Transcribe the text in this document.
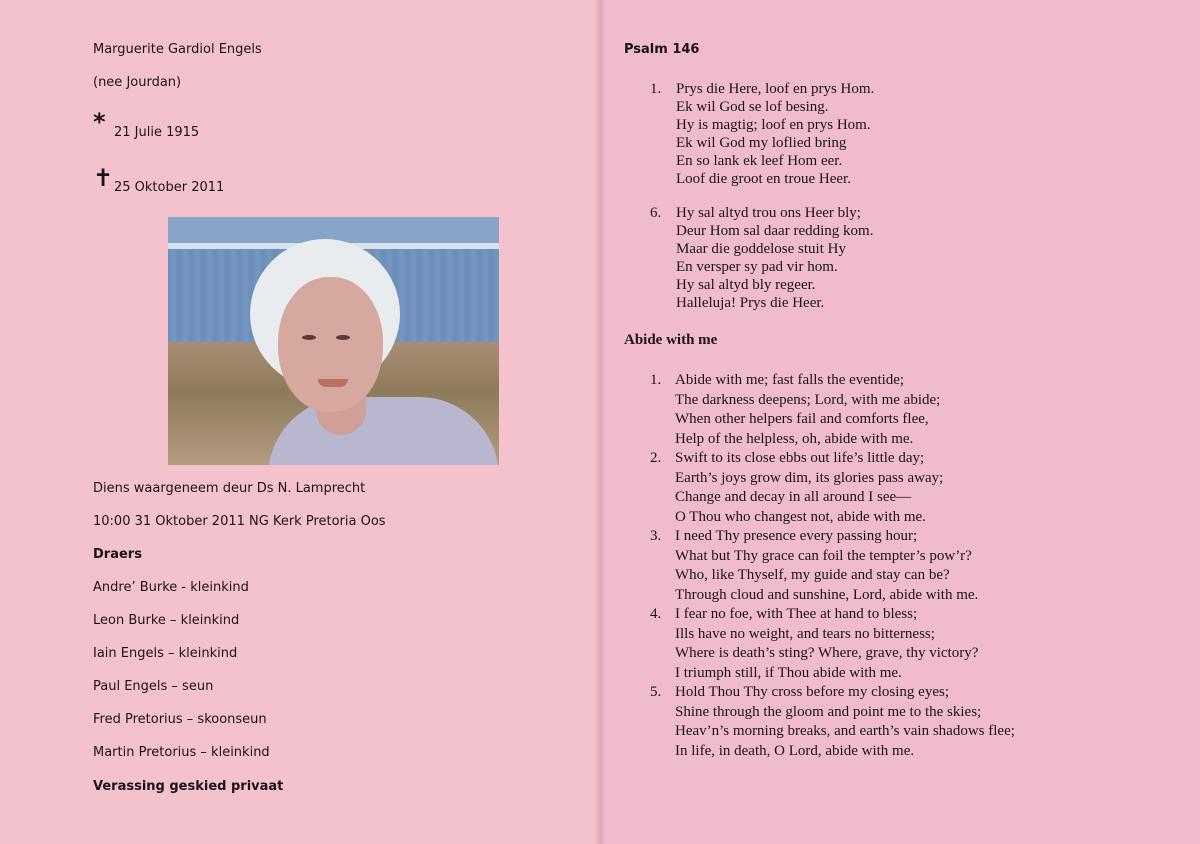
Marguerite Gardiol Engels
(nee Jourdan)
* 21 Julie 1915
✝ 25 Oktober 2011
Diens waargeneem deur Ds N. Lamprecht
10:00 31 Oktober 2011 NG Kerk Pretoria Oos
Draers
Andre’ Burke - kleinkind
Leon Burke – kleinkind
Iain Engels – kleinkind
Paul Engels – seun
Fred Pretorius – skoonseun
Martin Pretorius – kleinkind
Verassing geskied privaat
Psalm 146
1. Prys die Here, loof en prys Hom.
Ek wil God se lof besing.
Hy is magtig; loof en prys Hom.
Ek wil God my loflied bring
En so lank ek leef Hom eer.
Loof die groot en troue Heer.
6. Hy sal altyd trou ons Heer bly;
Deur Hom sal daar redding kom.
Maar die goddelose stuit Hy
En versper sy pad vir hom.
Hy sal altyd bly regeer.
Halleluja! Prys die Heer.
Abide with me
1. Abide with me; fast falls the eventide;
The darkness deepens; Lord, with me abide;
When other helpers fail and comforts flee,
Help of the helpless, oh, abide with me.
2. Swift to its close ebbs out life’s little day;
Earth’s joys grow dim, its glories pass away;
Change and decay in all around I see—
O Thou who changest not, abide with me.
3. I need Thy presence every passing hour;
What but Thy grace can foil the tempter’s pow’r?
Who, like Thyself, my guide and stay can be?
Through cloud and sunshine, Lord, abide with me.
4. I fear no foe, with Thee at hand to bless;
Ills have no weight, and tears no bitterness;
Where is death’s sting? Where, grave, thy victory?
I triumph still, if Thou abide with me.
5. Hold Thou Thy cross before my closing eyes;
Shine through the gloom and point me to the skies;
Heav’n’s morning breaks, and earth’s vain shadows flee;
In life, in death, O Lord, abide with me.
